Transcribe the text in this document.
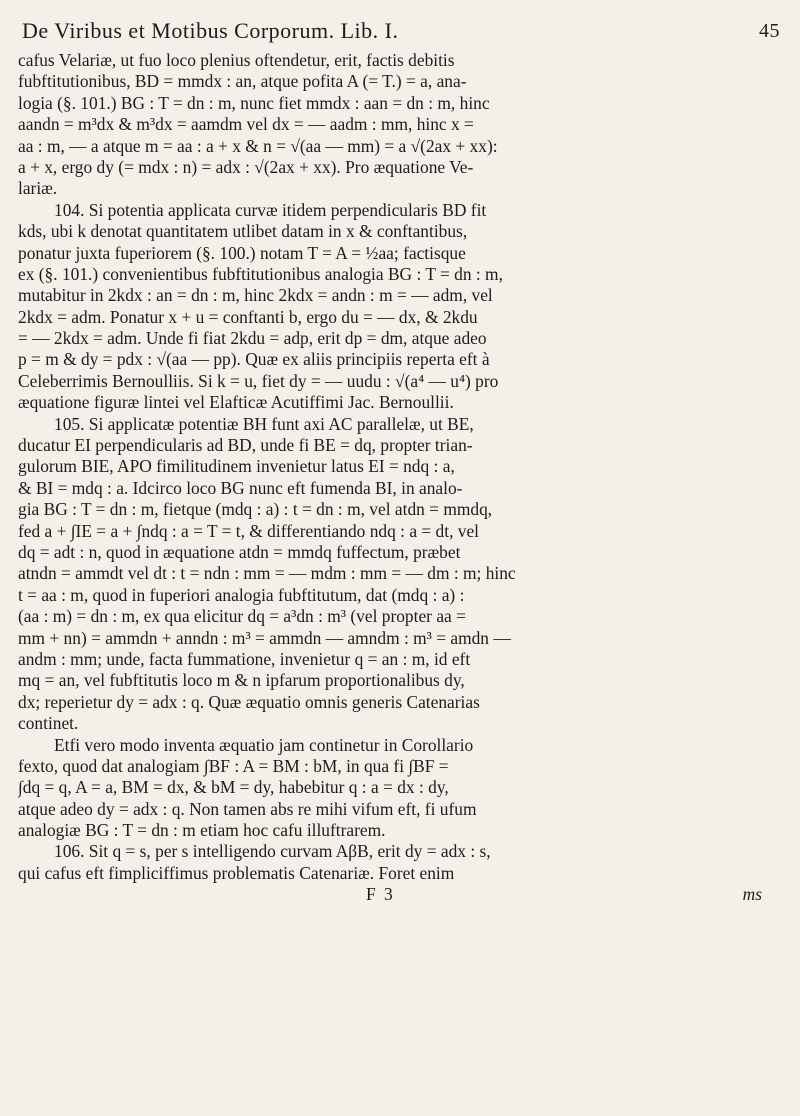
De Viribus et Motibus Corporum. Lib. I.	45
cafus Velariæ, ut fuo loco plenius oftendetur, erit, factis debitis
fubftitutionibus, BD = mmdx : an, atque pofita A (= T.) = a, ana-
logia (§. 101.) BG : T = dn : m, nunc fiet mmdx : aan = dn : m, hinc
aandn = m³dx & m³dx = aamdm vel dx = — aadm : mm, hinc x =
aa : m, — a atque m = aa : a + x & n = √(aa — mm) = a √(2ax + xx):
a + x, ergo dy (= mdx : n) = adx : √(2ax + xx). Pro æquatione Ve-
lariæ.
104. Si potentia applicata curvæ itidem perpendicularis BD fit
kds, ubi k denotat quantitatem utlibet datam in x & conftantibus,
ponatur juxta fuperiorem (§. 100.) notam T = A = ½aa; factisque
ex (§. 101.) convenientibus fubftitutionibus analogia BG : T = dn : m,
mutabitur in 2kdx : an = dn : m, hinc 2kdx = andn : m = — adm, vel
2kdx = adm. Ponatur x + u = conftanti b, ergo du = — dx, & 2kdu
= — 2kdx = adm. Unde fi fiat 2kdu = adp, erit dp = dm, atque adeo
p = m & dy = pdx : √(aa — pp). Quæ ex aliis principiis reperta eft à
Celeberrimis Bernoulliis. Si k = u, fiet dy = — uudu : √(a⁴ — u⁴) pro
æquatione figuræ lintei vel Elafticæ Acutiffimi Jac. Bernoullii.
105. Si applicatæ potentiæ BH funt axi AC parallelæ, ut BE,
ducatur EI perpendicularis ad BD, unde fi BE = dq, propter trian-
gulorum BIE, APO fimilitudinem invenietur latus EI = ndq : a,
& BI = mdq : a. Idcirco loco BG nunc eft fumenda BI, in analo-
gia BG : T = dn : m, fietque (mdq : a) : t = dn : m, vel atdn = mmdq,
fed a + ∫IE = a + ∫ndq : a = T = t, & differentiando ndq : a = dt, vel
dq = adt : n, quod in æquatione atdn = mmdq fuffectum, præbet
atndn = ammdt vel dt : t = ndn : mm = — mdm : mm = — dm : m; hinc
t = aa : m, quod in fuperiori analogia fubftitutum, dat (mdq : a) :
(aa : m) = dn : m, ex qua elicitur dq = a³dn : m³ (vel propter aa =
mm + nn) = ammdn + anndn : m³ = ammdn — amndm : m³ = amdn —
andm : mm; unde, facta fummatione, invenietur q = an : m, id eft
mq = an, vel fubftitutis loco m & n ipfarum proportionalibus dy,
dx; reperietur dy = adx : q. Quæ æquatio omnis generis Catenarias
continet.
Etfi vero modo inventa æquatio jam continetur in Corollario
fexto, quod dat analogiam ∫BF : A = BM : bM, in qua fi ∫BF =
∫dq = q, A = a, BM = dx, & bM = dy, habebitur q : a = dx : dy,
atque adeo dy = adx : q. Non tamen abs re mihi vifum eft, fi ufum
analogiæ BG : T = dn : m etiam hoc cafu illuftrarem.
106. Sit q = s, per s intelligendo curvam AβB, erit dy = adx : s,
qui cafus eft fimpliciffimus problematis Catenariæ. Foret enim
F 3	ms
